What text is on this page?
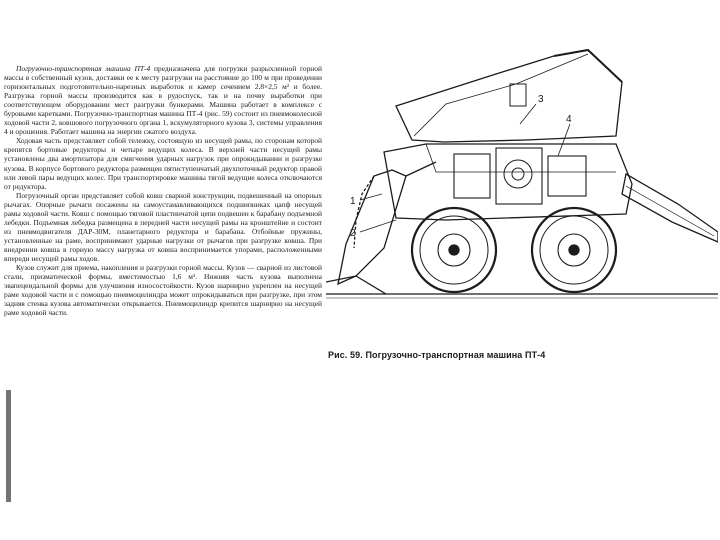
Погрузочно-транспортная машина ПТ-4 предназначена для погрузки разрыхленной горной массы в собственный кузов, доставки ее к месту разгрузки на расстояние до 100 м при проведении горизонтальных подготовительно-нарезных выработок и камер сечением 2,8×2,5 м² и более. Разгрузка горной массы производится как в рудоспуск, так и на почву выработки при соответствующем оборудовании мест разгрузки бункерами. Машина работает в комплексе с буровыми каретками. Погрузочно-транспортная машина ПТ-4 (рис. 59) состоит из пневмоколесной ходовой части 2, ковшового погрузочного органа 1, вскумуляторного кузова 3, системы управления 4 и орошения. Работает машина на энергии сжатого воздуха.

Ходовая часть представляет собой тележку, состоящую из несущей рамы, по сторонам которой крепятся бортовые редукторы и четыре ведущих колеса. В верхней части несущей рамы установлены два амортизатора для смягчения ударных нагрузок при опрокидывании и разгрузке кузова. В корпусе бортового редуктора размещен пятиступенчатый двухпоточный редуктор правой или левой пары ведущих колес. При транспортировке машины тягой ведущие колеса отключаются от редуктора.

Погрузочный орган представляет собой ковш сварной конструкции, подвешенный на опорных рычагах. Опорные рычаги посажены на самоустанавливающихся подшипниках цапф несущей рамы ходовой части. Ковш с помощью тяговой пластинчатой цепи подвешен к барабану подъемной лебедки. Подъемная лебедка размещена в передней части несущей рамы на кронштейне и состоит из пневмодвигателя ДАР-30М, планетарного редуктора и барабана. Отбойные пружины, установленные на раме, воспринимают ударные нагрузки от рычагов при разгрузке ковша. При внедрении ковша в горную массу нагрузка от ковша воспринимается упорами, расположенными впереди несущей рамы ходов.

Кузов служит для приема, накопления и разгрузки горной массы. Кузов — сварной из листовой стали, призматической формы, вместимостью 1,6 м³. Нижняя часть кузова выполнена эвапецеидальной формы для улучшения износостойкости. Кузов шарнирно укреплен на несущей раме ходовой части и с помощью пневмоцилиндра может опрокидываться при разгрузке, при этом задняя стенка кузова автоматически открывается. Пневмоцилиндр крепится шарнирно на несущей раме ходовой части.

1
2
3
4
Рис. 59. Погрузочно-транспортная машина ПТ-4
